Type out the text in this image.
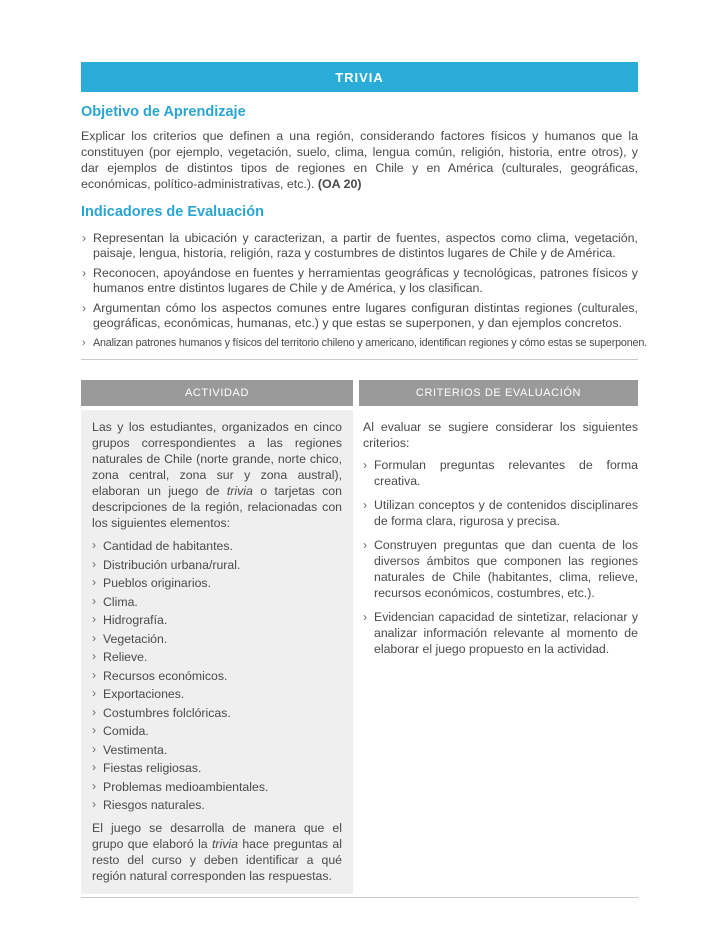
TRIVIA
Objetivo de Aprendizaje

Explicar los criterios que definen a una región, considerando factores físicos y humanos que la constituyen (por ejemplo, vegetación, suelo, clima, lengua común, religión, historia, entre otros), y dar ejemplos de distintos tipos de regiones en Chile y en América (culturales, geográficas, económicas, político-administrativas, etc.). (OA 20)

Indicadores de Evaluación
› Representan la ubicación y caracterizan, a partir de fuentes, aspectos como clima, vegetación, paisaje, lengua, historia, religión, raza y costumbres de distintos lugares de Chile y de América.
› Reconocen, apoyándose en fuentes y herramientas geográficas y tecnológicas, patrones físicos y humanos entre distintos lugares de Chile y de América, y los clasifican.
› Argumentan cómo los aspectos comunes entre lugares configuran distintas regiones (culturales, geográficas, económicas, humanas, etc.) y que estas se superponen, y dan ejemplos concretos.
› Analizan patrones humanos y físicos del territorio chileno y americano, identifican regiones y cómo estas se superponen.
ACTIVIDAD	CRITERIOS DE EVALUACIÓN

Las y los estudiantes, organizados en cinco grupos correspondientes a las regiones naturales de Chile (norte grande, norte chico, zona central, zona sur y zona austral), elaboran un juego de trivia o tarjetas con descripciones de la región, relacionadas con los siguientes elementos:

› Cantidad de habitantes.
› Distribución urbana/rural.
› Pueblos originarios.
› Clima.
› Hidrografía.
› Vegetación.
› Relieve.
› Recursos económicos.
› Exportaciones.
› Costumbres folclóricas.
› Comida.
› Vestimenta.
› Fiestas religiosas.
› Problemas medioambientales.
› Riesgos naturales.

El juego se desarrolla de manera que el grupo que elaboró la trivia hace preguntas al resto del curso y deben identificar a qué región natural corresponden las respuestas.

Al evaluar se sugiere considerar los siguientes criterios:

› Formulan preguntas relevantes de forma creativa.
› Utilizan conceptos y de contenidos disciplinares de forma clara, rigurosa y precisa.
› Construyen preguntas que dan cuenta de los diversos ámbitos que componen las regiones naturales de Chile (habitantes, clima, relieve, recursos económicos, costumbres, etc.).
› Evidencian capacidad de sintetizar, relacionar y analizar información relevante al momento de elaborar el juego propuesto en la actividad.
